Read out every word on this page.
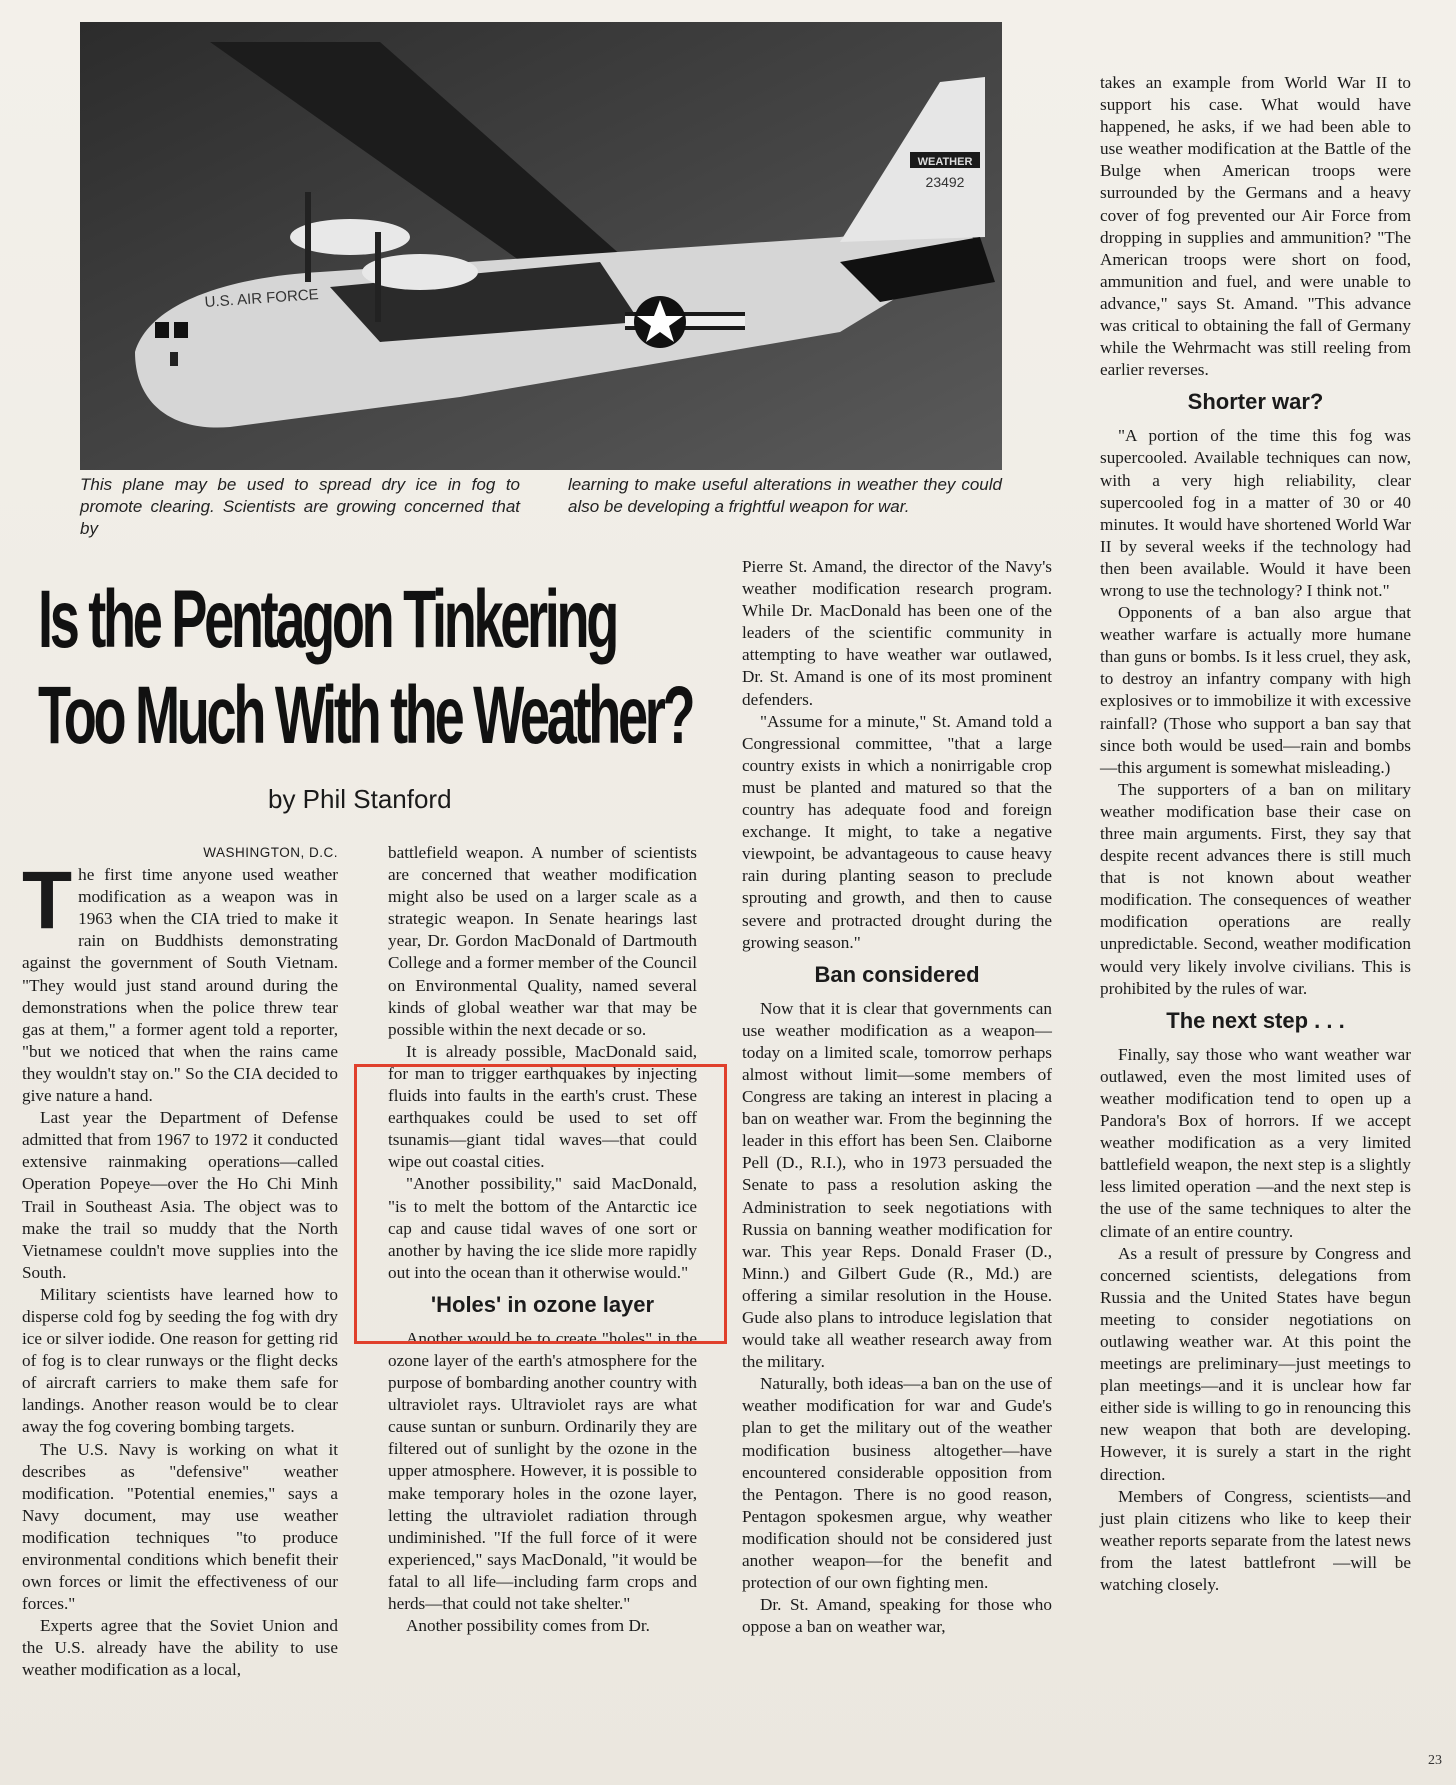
WEATHER
23492
U.S. AIR FORCE
This plane may be used to spread dry ice in fog to promote clearing. Scientists are growing concerned that by
learning to make useful alterations in weather they could also be developing a frightful weapon for war.
Is the Pentagon Tinkering
Too Much With the Weather?
by Phil Stanford

WASHINGTON, D.C.

The first time anyone used weather modification as a weapon was in 1963 when the CIA tried to make it rain on Buddhists demonstrating against the government of South Vietnam. "They would just stand around during the demonstrations when the police threw tear gas at them," a former agent told a reporter, "but we noticed that when the rains came they wouldn't stay on." So the CIA decided to give nature a hand.

Last year the Department of Defense admitted that from 1967 to 1972 it conducted extensive rainmaking operations—called Operation Popeye—over the Ho Chi Minh Trail in Southeast Asia. The object was to make the trail so muddy that the North Vietnamese couldn't move supplies into the South.

Military scientists have learned how to disperse cold fog by seeding the fog with dry ice or silver iodide. One reason for getting rid of fog is to clear runways or the flight decks of aircraft carriers to make them safe for landings. Another reason would be to clear away the fog covering bombing targets.

The U.S. Navy is working on what it describes as "defensive" weather modification. "Potential enemies," says a Navy document, may use weather modification techniques "to produce environmental conditions which benefit their own forces or limit the effectiveness of our forces."

Experts agree that the Soviet Union and the U.S. already have the ability to use weather modification as a local,

battlefield weapon. A number of scientists are concerned that weather modification might also be used on a larger scale as a strategic weapon. In Senate hearings last year, Dr. Gordon MacDonald of Dartmouth College and a former member of the Council on Environmental Quality, named several kinds of global weather war that may be possible within the next decade or so.

It is already possible, MacDonald said, for man to trigger earthquakes by injecting fluids into faults in the earth's crust. These earthquakes could be used to set off tsunamis—giant tidal waves—that could wipe out coastal cities.

"Another possibility," said MacDonald, "is to melt the bottom of the Antarctic ice cap and cause tidal waves of one sort or another by having the ice slide more rapidly out into the ocean than it otherwise would."

'Holes' in ozone layer

Another would be to create "holes" in the ozone layer of the earth's atmosphere for the purpose of bombarding another country with ultraviolet rays. Ultraviolet rays are what cause suntan or sunburn. Ordinarily they are filtered out of sunlight by the ozone in the upper atmosphere. However, it is possible to make temporary holes in the ozone layer, letting the ultraviolet radiation through undiminished. "If the full force of it were experienced," says MacDonald, "it would be fatal to all life—including farm crops and herds—that could not take shelter."

Another possibility comes from Dr.

Pierre St. Amand, the director of the Navy's weather modification research program. While Dr. MacDonald has been one of the leaders of the scientific community in attempting to have weather war outlawed, Dr. St. Amand is one of its most prominent defenders.

"Assume for a minute," St. Amand told a Congressional committee, "that a large country exists in which a nonirrigable crop must be planted and matured so that the country has adequate food and foreign exchange. It might, to take a negative viewpoint, be advantageous to cause heavy rain during planting season to preclude sprouting and growth, and then to cause severe and protracted drought during the growing season."

Ban considered

Now that it is clear that governments can use weather modification as a weapon—today on a limited scale, tomorrow perhaps almost without limit—some members of Congress are taking an interest in placing a ban on weather war. From the beginning the leader in this effort has been Sen. Claiborne Pell (D., R.I.), who in 1973 persuaded the Senate to pass a resolution asking the Administration to seek negotiations with Russia on banning weather modification for war. This year Reps. Donald Fraser (D., Minn.) and Gilbert Gude (R., Md.) are offering a similar resolution in the House. Gude also plans to introduce legislation that would take all weather research away from the military.

Naturally, both ideas—a ban on the use of weather modification for war and Gude's plan to get the military out of the weather modification business altogether—have encountered considerable opposition from the Pentagon. There is no good reason, Pentagon spokesmen argue, why weather modification should not be considered just another weapon—for the benefit and protection of our own fighting men.

Dr. St. Amand, speaking for those who oppose a ban on weather war,

takes an example from World War II to support his case. What would have happened, he asks, if we had been able to use weather modification at the Battle of the Bulge when American troops were surrounded by the Germans and a heavy cover of fog prevented our Air Force from dropping in supplies and ammunition? "The American troops were short on food, ammunition and fuel, and were unable to advance," says St. Amand. "This advance was critical to obtaining the fall of Germany while the Wehrmacht was still reeling from earlier reverses.

Shorter war?

"A portion of the time this fog was supercooled. Available techniques can now, with a very high reliability, clear supercooled fog in a matter of 30 or 40 minutes. It would have shortened World War II by several weeks if the technology had then been available. Would it have been wrong to use the technology? I think not."

Opponents of a ban also argue that weather warfare is actually more humane than guns or bombs. Is it less cruel, they ask, to destroy an infantry company with high explosives or to immobilize it with excessive rainfall? (Those who support a ban say that since both would be used—rain and bombs—this argument is somewhat misleading.)

The supporters of a ban on military weather modification base their case on three main arguments. First, they say that despite recent advances there is still much that is not known about weather modification. The consequences of weather modification operations are really unpredictable. Second, weather modification would very likely involve civilians. This is prohibited by the rules of war.

The next step . . .

Finally, say those who want weather war outlawed, even the most limited uses of weather modification tend to open up a Pandora's Box of horrors. If we accept weather modification as a very limited battlefield weapon, the next step is a slightly less limited operation —and the next step is the use of the same techniques to alter the climate of an entire country.

As a result of pressure by Congress and concerned scientists, delegations from Russia and the United States have begun meeting to consider negotiations on outlawing weather war. At this point the meetings are preliminary—just meetings to plan meetings—and it is unclear how far either side is willing to go in renouncing this new weapon that both are developing. However, it is surely a start in the right direction.

Members of Congress, scientists—and just plain citizens who like to keep their weather reports separate from the latest news from the latest battlefront —will be watching closely.

23
